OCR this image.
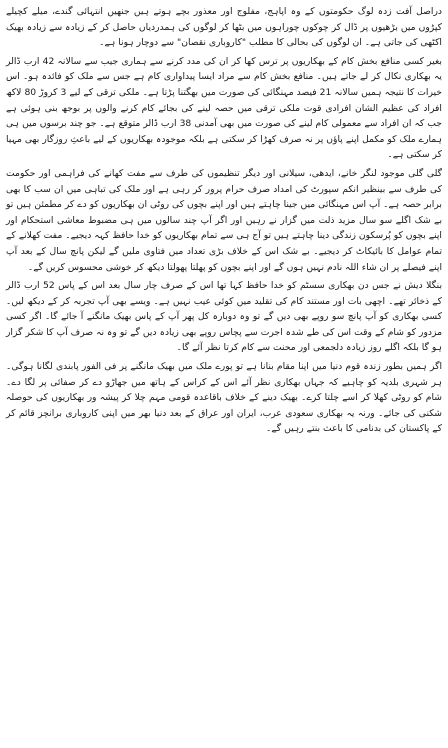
دراصل آفت زدہ لوگ حکومتوں کے وہ اپاہج، مفلوج اور معذور بچے ہوتے ہیں جنھیں انتہائی گندے، میلے کچیلے کپڑوں میں بڑھیوں پر ڈال کر چوکوں چوراہوں میں بٹھا کر لوگوں کی ہمدردیاں حاصل کر کے زیادہ سے زیادہ بھیک اکٹھی کی جاتی ہے۔ ان لوگوں کی بحالی کا مطلب "کاروباری نقصان" سے دوچار ہونا ہے۔

بغیر کسی منافع بخش کام کے بھکاریوں پر ترس کھا کر ان کی مدد کرنے سے ہماری جیب سے سالانہ 42 ارب ڈالر یہ بھکاری نکال کر لے جاتے ہیں۔ منافع بخش کام سے مراد ایسا پیداواری کام ہے جس سے ملک کو فائدہ ہو۔ اس خیرات کا نتیجہ ہمیں سالانہ 21 فیصد مہنگائی کی صورت میں بھگتنا پڑتا ہے۔ ملکی ترقی کے لیے 3 کروڑ 80 لاکھ افراد کی عظیم الشان افرادی قوت ملکی ترقی میں حصہ لینے کی بجائے کام کرنے والوں پر بوجھ بنی ہوئی ہے جب کہ ان افراد سے معمولی کام لینے کی صورت میں بھی آمدنی 38 ارب ڈالر متوقع ہے۔ جو چند برسوں میں ہی ہمارے ملک کو مکمل اپنے پاؤں پر نہ صرف کھڑا کر سکتی ہے بلکہ موجودہ بھکاریوں کے لیے باعثِ روزگار بھی مہیا کر سکتی ہے۔

گلی گلی موجود لنگر خانے، ایدھی، سیلانی اور دیگر تنظیموں کی طرف سے مفت کھانے کی فراہمی اور حکومت کی طرف سے بینظیر انکم سپورٹ کی امداد صرف حرام پرور کر رہی ہے اور ملک کی تباہی میں ان سب کا بھی برابر حصہ ہے۔ آپ اس مہنگائی میں جینا چاہتے ہیں اور اپنے بچوں کی روٹی ان بھکاریوں کو دے کر مطمئن ہیں تو بے شک اگلے سو سال مزید ذلت میں گزار نے رہیں اور اگر آپ چند سالوں میں ہی مضبوط معاشی استحکام اور اپنے بچوں کو پُرسکون زندگی دینا چاہتے ہیں تو آج ہی سے تمام بھکاریوں کو خدا حافظ کہہ دیجیے۔ مفت کھلانے کے تمام عوامل کا بائیکاٹ کر دیجیے۔ بے شک اس کے خلاف بڑی تعداد میں فتاوی ملیں گے لیکن پانچ سال کے بعد آپ اپنے فیصلے پر ان شاء اللہ نادم نہیں ہوں گے اور اپنے بچوں کو پھلتا پھولتا دیکھ کر خوشی محسوس کریں گے۔

بنگلا دیش نے جس دن بھکاری سسٹم کو خدا حافظ کہا تھا اس کے صرف چار سال بعد اس کے پاس 52 ارب ڈالر کے ذخائر تھے۔ اچھی بات اور مستند کام کی تقلید میں کوئی عیب نہیں ہے۔ ویسے بھی آپ تجربہ کر کے دیکھ لیں۔ کسی بھکاری کو آپ پانچ سو روپے بھی دیں گے تو وہ دوبارہ کل پھر آپ کے پاس بھیک مانگنے آ جائے گا۔ اگر کسی مزدور کو شام کے وقت اس کی طے شدہ اجرت سے پچاس روپے بھی زیادہ دیں گے تو وہ نہ صرف آپ کا شکر گزار ہو گا بلکہ اگلے روز زیادہ دلجمعی اور محنت سے کام کرتا نظر آئے گا۔

اگر ہمیں بطور زندہ قوم دنیا میں اپنا مقام بنانا ہے تو پورے ملک میں بھیک مانگنے پر فی الفور پابندی لگانا ہوگی۔ ہر شہری بلدیہ کو چاہیے کہ جہاں بھکاری نظر آئے اس کے کراس کے ہاتھ میں جھاڑو دے کر صفائی پر لگا دے۔ شام کو روٹی کھلا کر اسے چلتا کرے۔ بھیک دینے کے خلاف باقاعدہ قومی مہم چلا کر پیشہ ور بھکاریوں کی حوصلہ شکنی کی جائے۔ ورنہ یہ بھکاری سعودی عرب، ایران اور عراق کے بعد دنیا بھر میں اپنی کاروباری برانچز قائم کر کے پاکستان کی بدنامی کا باعث بنتے رہیں گے۔
